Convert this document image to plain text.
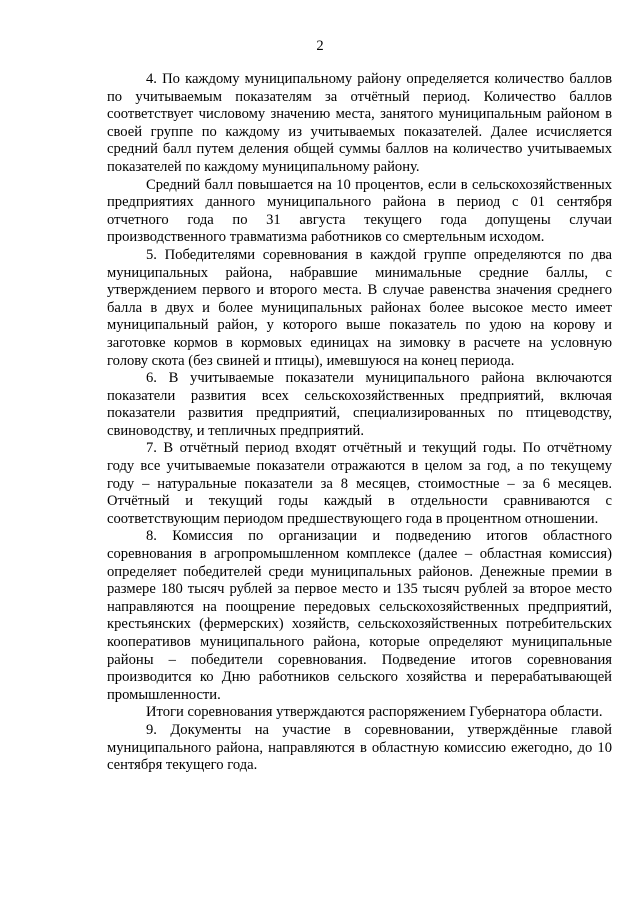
2

4. По каждому муниципальному району определяется количество баллов по учитываемым показателям за отчётный период. Количество баллов соответствует числовому значению места, занятого муниципальным районом в своей группе по каждому из учитываемых показателей. Далее исчисляется средний балл путем деления общей суммы баллов на количество учитываемых показателей по каждому муниципальному району.

Средний балл повышается на 10 процентов, если в сельскохозяйственных предприятиях данного муниципального района в период с 01 сентября отчетного года по 31 августа текущего года допущены случаи производственного травматизма работников со смертельным исходом.

5. Победителями соревнования в каждой группе определяются по два муниципальных района, набравшие минимальные средние баллы, с утверждением первого и второго места. В случае равенства значения среднего балла в двух и более муниципальных районах более высокое место имеет муниципальный район, у которого выше показатель по удою на корову и заготовке кормов в кормовых единицах на зимовку в расчете на условную голову скота (без свиней и птицы), имевшуюся на конец периода.

6. В учитываемые показатели муниципального района включаются показатели развития всех сельскохозяйственных предприятий, включая показатели развития предприятий, специализированных по птицеводству, свиноводству, и тепличных предприятий.

7. В отчётный период входят отчётный и текущий годы. По отчётному году все учитываемые показатели отражаются в целом за год, а по текущему году – натуральные показатели за 8 месяцев, стоимостные – за 6 месяцев. Отчётный и текущий годы каждый в отдельности сравниваются с соответствующим периодом предшествующего года в процентном отношении.

8. Комиссия по организации и подведению итогов областного соревнования в агропромышленном комплексе (далее – областная комиссия) определяет победителей среди муниципальных районов. Денежные премии в размере 180 тысяч рублей за первое место и 135 тысяч рублей за второе место направляются на поощрение передовых сельскохозяйственных предприятий, крестьянских (фермерских) хозяйств, сельскохозяйственных потребительских кооперативов муниципального района, которые определяют муниципальные районы – победители соревнования. Подведение итогов соревнования производится ко Дню работников сельского хозяйства и перерабатывающей промышленности.

Итоги соревнования утверждаются распоряжением Губернатора области.

9. Документы на участие в соревновании, утверждённые главой муниципального района, направляются в областную комиссию ежегодно, до 10 сентября текущего года.
